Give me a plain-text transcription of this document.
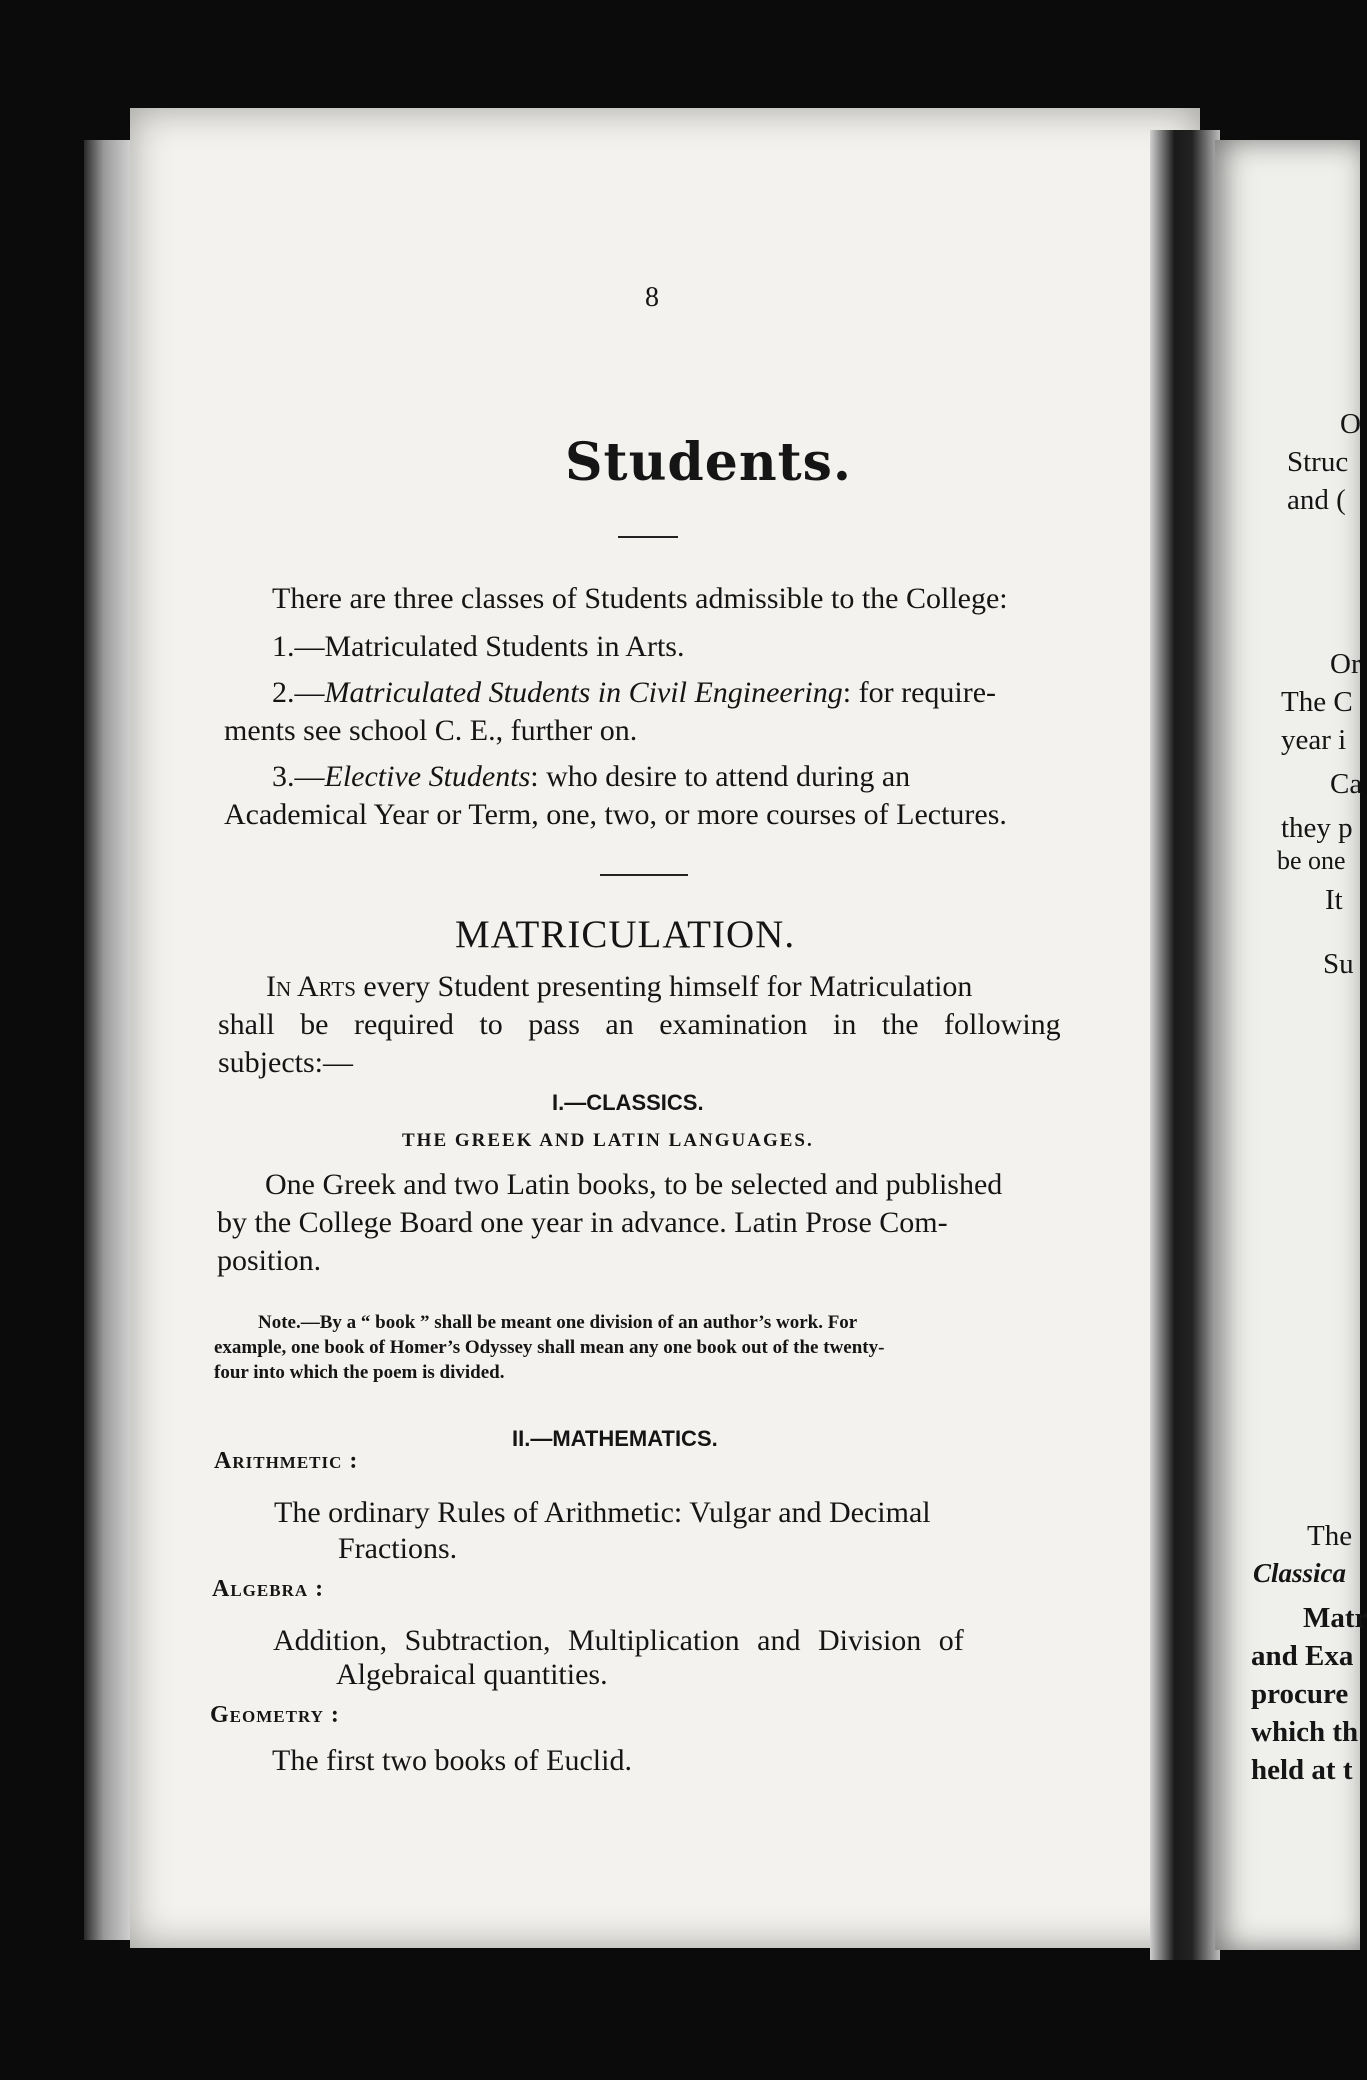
O
Struc
and (
Or
The C
year i
Ca
they p
be one
It
Su
The
Classica
Matr
and Exa
procure
which th
held at t
8
Students.
There are three classes of Students admissible to the College:
1.—Matriculated Students in Arts.
2.—Matriculated Students in Civil Engineering: for require-
ments see school C. E., further on.
3.—Elective Students: who desire to attend during an
Academical Year or Term, one, two, or more courses of Lectures.
MATRICULATION.
In Arts every Student presenting himself for Matriculation
shall be required to pass an examination in the following
subjects:—
I.—CLASSICS.
THE GREEK AND LATIN LANGUAGES.
One Greek and two Latin books, to be selected and published
by the College Board one year in advance. Latin Prose Com-
position.
Note.—By a “ book ” shall be meant one division of an author’s work. For
example, one book of Homer’s Odyssey shall mean any one book out of the twenty-
four into which the poem is divided.
II.—MATHEMATICS.
Arithmetic :
The ordinary Rules of Arithmetic: Vulgar and Decimal
Fractions.
Algebra :
Addition, Subtraction, Multiplication and Division of
Algebraical quantities.
Geometry :
The first two books of Euclid.
